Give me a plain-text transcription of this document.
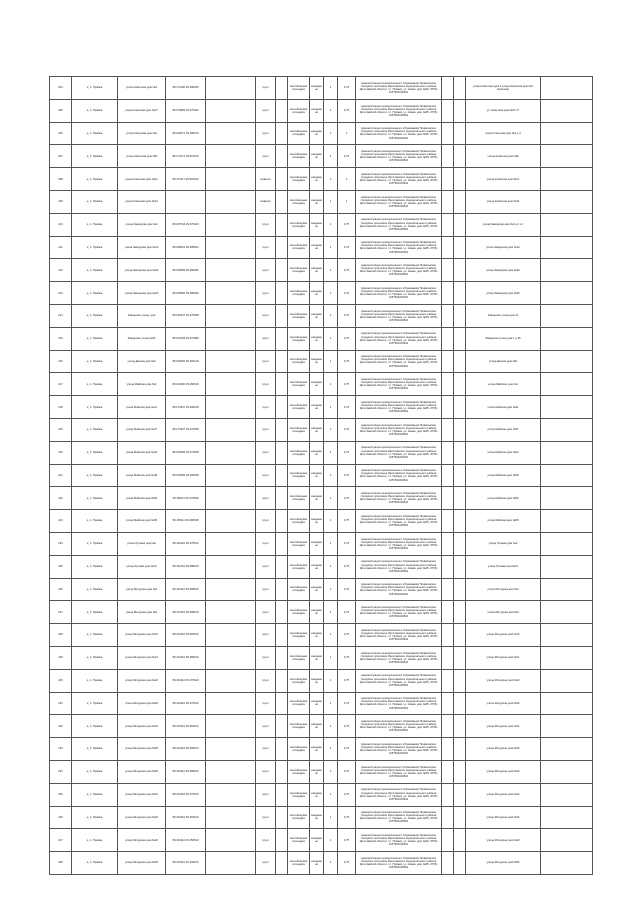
204	д. п. Прямка	улица Кометная дом №4	58.171190 39.490625		грунт		контейнерная площадка	ежедневно	1	0,75	Администрация муниципального образования Прямкинское городское поселение Ярославского муниципального района Ярославской области, г.п. Прямка, ул. Новая, дом №25, ОГРН 1057601002811			улица Кометная дом 4 улица Кометная дом №4 Кометная	
205	д. п. Прямка	улица Кометная дом №27	58.170856 39.476420		грунт		контейнерная площадка	ежедневно	1	0,75	Администрация муниципального образования Прямкинское городское поселение Ярославского муниципального района Ярославской области, г.п. Прямка, ул. Новая, дом №25, ОГРН 1057601002811			ул. Кометная дом №27 27	
206	д. п. Прямка	улица Кометная дом №4	58.169071 39.495270		грунт		контейнерная площадка	ежедневно	1	1	Администрация муниципального образования Прямкинское городское поселение Ярославского муниципального района Ярославской области, г.п. Прямка, ул. Новая, дом №25, ОГРН 1057601002811			улица Кометная дом №4 д 4	
207	д. п. Прямка	улица Кометная дом №8	58.172471 39.501919		грунт		контейнерная площадка	ежедневно	1	0,75	Администрация муниципального образования Прямкинское городское поселение Ярославского муниципального района Ярославской области, г.п. Прямка, ул. Новая, дом №25, ОГРН 1057601002811			улица Кометная дом №8	
208	д. п. Прямка	улица Кометная дом №21	58.170117 39.501919		асфальт		контейнерная площадка	ежедневно	1	1	Администрация муниципального образования Прямкинское городское поселение Ярославского муниципального района Ярославской области, г.п. Прямка, ул. Новая, дом №25, ОГРН 1057601002811			улица Кометная дом №21	
209	д. п. Прямка	улица Кометная дом №22			асфальт		контейнерная площадка	ежедневно	1	1	Администрация муниципального образования Прямкинское городское поселение Ярославского муниципального района Ярославской области, г.п. Прямка, ул. Новая, дом №25, ОГРН 1057601002811			улица Кометная дом №22	
210	д. п. Прямка	улица Заводская дом №3	58.165742 39.470643		грунт		контейнерная площадка	ежедневно	1	0,75	Администрация муниципального образования Прямкинское городское поселение Ярославского муниципального района Ярославской области, г.п. Прямка, ул. Новая, дом №25, ОГРН 1057601002811			улица Заводская дом №3 д 2 к 1	
211	д. п. Прямка	улица Заводская дом №10	58.168010 39.485834		грунт		контейнерная площадка	ежедневно	1	0,75	Администрация муниципального образования Прямкинское городское поселение Ярославского муниципального района Ярославской области, г.п. Прямка, ул. Новая, дом №25, ОГРН 1057601002811			улица Заводская дом №10	
212	д. п. Прямка	улица Заводская дом №22	58.166883 39.489460		грунт		контейнерная площадка	ежедневно	1	0,75	Администрация муниципального образования Прямкинское городское поселение Ярославского муниципального района Ярославской области, г.п. Прямка, ул. Новая, дом №25, ОГРН 1057601002811			улица Заводская дом №22	
213	д. п. Прямка	улица Заводская дом №25	58.166860 39.489460		грунт		контейнерная площадка	ежедневно	1	0,75	Администрация муниципального образования Прямкинское городское поселение Ярославского муниципального района Ярославской области, г.п. Прямка, ул. Новая, дом №25, ОГРН 1057601002811			улица Заводская дом №25	
214	д. п. Прямка	Заводская улица, дом	58.160337 39.476638		грунт		контейнерная площадка	ежедневно	2	0,75	Администрация муниципального образования Прямкинское городское поселение Ярославского муниципального района Ярославской области, г.п. Прямка, ул. Новая, дом №25, ОГРН 1057601002811			Заводская улица дом 14	
215	д. п. Прямка	Заводская улица №25	58.164209 39.476088		грунт		контейнерная площадка	ежедневно	1	0,75	Администрация муниципального образования Прямкинское городское поселение Ярославского муниципального района Ярославской области, г.п. Прямка, ул. Новая, дом №25, ОГРН 1057601002811			Заводская улица дом 1 д 25	
216	д. п. Прямка	улица Дачная дом №9	58.160660 39.492149		грунт		контейнерная площадка	ежедневно	1	0,75	Администрация муниципального образования Прямкинское городское поселение Ярославского муниципального района Ярославской области, г.п. Прямка, ул. Новая, дом №25, ОГРН 1057601002811			улица Дачная дом №9	
217	д. п. Прямка	улица Майская дом №4	58.164460 39.468016		грунт		контейнерная площадка	ежедневно	1	0,75	Администрация муниципального образования Прямкинское городское поселение Ярославского муниципального района Ярославской области, г.п. Прямка, ул. Новая, дом №25, ОГРН 1057601002811			улица Майская дом №4	
218	д. п. Прямка	улица Майская дом №21	58.173337 39.490108		грунт		контейнерная площадка	ежедневно	1	0,75	Администрация муниципального образования Прямкинское городское поселение Ярославского муниципального района Ярославской области, г.п. Прямка, ул. Новая, дом №25, ОГРН 1057601002811			улица Майская дом №21	
219	д. п. Прямка	улица Майская дом №37	58.173337 39.476638		грунт		контейнерная площадка	ежедневно	1	0,75	Администрация муниципального образования Прямкинское городское поселение Ярославского муниципального района Ярославской области, г.п. Прямка, ул. Новая, дом №25, ОГРН 1057601002811			улица Майская дом №37	
220	д. п. Прямка	улица Майская дом №44	58.163684 39.476638		грунт		контейнерная площадка	ежедневно	1	0,75	Администрация муниципального образования Прямкинское городское поселение Ярославского муниципального района Ярославской области, г.п. Прямка, ул. Новая, дом №25, ОГРН 1057601002811			улица Майская дом №44	
221	д. п. Прямка	улица Майская дом №48	58.163684 39.496638		грунт		контейнерная площадка	ежедневно	1	0,75	Администрация муниципального образования Прямкинское городское поселение Ярославского муниципального района Ярославской области, г.п. Прямка, ул. Новая, дом №25, ОГРН 1057601002811			улица Майская дом №48	
222	д. п. Прямка	улица Майская дом №52	58.165111 39.476638		грунт		контейнерная площадка	ежедневно	1	0,75	Администрация муниципального образования Прямкинское городское поселение Ярославского муниципального района Ярославской области, г.п. Прямка, ул. Новая, дом №25, ОГРН 1057601002811			улица Майская дом №52	
223	д. п. Прямка	улица Майская дом №55	58.165111 39.496638		грунт		контейнерная площадка	ежедневно	1	0,75	Администрация муниципального образования Прямкинское городское поселение Ярославского муниципального района Ярославской области, г.п. Прямка, ул. Новая, дом №25, ОГРН 1057601002811			улица Майская дом №55	
224	д. п. Прямка	улица Луговая дом №2	58.162110 39.478610		грунт		контейнерная площадка	ежедневно	1	0,75	Администрация муниципального образования Прямкинское городское поселение Ярославского муниципального района Ярославской области, г.п. Прямка, ул. Новая, дом №25, ОГРН 1057601002811			улица Луговая дом №2	
225	д. п. Прямка	улица Луговая дом №10	58.162110 39.488610		грунт		контейнерная площадка	ежедневно	1	0,75	Администрация муниципального образования Прямкинское городское поселение Ярославского муниципального района Ярославской области, г.п. Прямка, ул. Новая, дом №25, ОГРН 1057601002811			улица Луговая дом №10	
226	д. п. Прямка	улица Мичурина дом №2	58.162110 39.468610		грунт		контейнерная площадка	ежедневно	1	0,75	Администрация муниципального образования Прямкинское городское поселение Ярославского муниципального района Ярославской области, г.п. Прямка, ул. Новая, дом №25, ОГРН 1057601002811			улица Мичурина дом №2	
227	д. п. Прямка	улица Мичурина дом №9	58.172110 39.488610		грунт		контейнерная площадка	ежедневно	1	0,75	Администрация муниципального образования Прямкинское городское поселение Ярославского муниципального района Ярославской области, г.п. Прямка, ул. Новая, дом №25, ОГРН 1057601002811			улица Мичурина дом №9	
228	д. п. Прямка	улица Мичурина дом №15	58.164110 39.483610		грунт		контейнерная площадка	ежедневно	1	0,75	Администрация муниципального образования Прямкинское городское поселение Ярославского муниципального района Ярославской области, г.п. Прямка, ул. Новая, дом №25, ОГРН 1057601002811			улица Мичурина дом №15	
229	д. п. Прямка	улица Мичурина дом №21	58.164110 39.486610		грунт		контейнерная площадка	ежедневно	1	0,75	Администрация муниципального образования Прямкинское городское поселение Ярославского муниципального района Ярославской области, г.п. Прямка, ул. Новая, дом №25, ОГРН 1057601002811			улица Мичурина дом №21	
230	д. п. Прямка	улица Мичурина дом №23	58.164110 39.476610		грунт		контейнерная площадка	ежедневно	1	0,75	Администрация муниципального образования Прямкинское городское поселение Ярославского муниципального района Ярославской области, г.п. Прямка, ул. Новая, дом №25, ОГРН 1057601002811			улица Мичурина дом №23	
231	д. п. Прямка	улица Мичурина дом №30	58.163110 39.476610		грунт		контейнерная площадка	ежедневно	1	0,75	Администрация муниципального образования Прямкинское городское поселение Ярославского муниципального района Ярославской области, г.п. Прямка, ул. Новая, дом №25, ОГРН 1057601002811			улица Мичурина дом №30	
232	д. п. Прямка	улица Мичурина дом №34	58.163110 39.466610		грунт		контейнерная площадка	ежедневно	1	0,75	Администрация муниципального образования Прямкинское городское поселение Ярославского муниципального района Ярославской области, г.п. Прямка, ул. Новая, дом №25, ОГРН 1057601002811			улица Мичурина дом №34	
233	д. п. Прямка	улица Мичурина дом №35	58.163110 39.496610		грунт		контейнерная площадка	ежедневно	1	0,75	Администрация муниципального образования Прямкинское городское поселение Ярославского муниципального района Ярославской области, г.п. Прямка, ул. Новая, дом №25, ОГРН 1057601002811			улица Мичурина дом №35	
234	д. п. Прямка	улица Мичурина дом №40	58.163110 39.486610		грунт		контейнерная площадка	ежедневно	1	0,75	Администрация муниципального образования Прямкинское городское поселение Ярославского муниципального района Ярославской области, г.п. Прямка, ул. Новая, дом №25, ОГРН 1057601002811			улица Мичурина дом №40	
235	д. п. Прямка	улица Мичурина дом №42	58.163110 39.476610		грунт		контейнерная площадка	ежедневно	1	0,75	Администрация муниципального образования Прямкинское городское поселение Ярославского муниципального района Ярославской области, г.п. Прямка, ул. Новая, дом №25, ОГРН 1057601002811			улица Мичурина дом №42	
236	д. п. Прямка	улица Мичурина дом №46	58.163110 39.466610		грунт		контейнерная площадка	ежедневно	1	0,75	Администрация муниципального образования Прямкинское городское поселение Ярославского муниципального района Ярославской области, г.п. Прямка, ул. Новая, дом №25, ОГРН 1057601002811			улица Мичурина дом №46	
237	д. п. Прямка	улица Мичурина дом №49	58.163110 39.456610		грунт		контейнерная площадка	ежедневно	1	0,75	Администрация муниципального образования Прямкинское городское поселение Ярославского муниципального района Ярославской области, г.п. Прямка, ул. Новая, дом №25, ОГРН 1057601002811			улица Мичурина дом №49	
238	д. п. Прямка	улица Мичурина дом №53	58.163110 39.446610		грунт		контейнерная площадка	ежедневно	1	0,75	Администрация муниципального образования Прямкинское городское поселение Ярославского муниципального района Ярославской области, г.п. Прямка, ул. Новая, дом №25, ОГРН 1057601002811			улица Мичурина дом №53	
